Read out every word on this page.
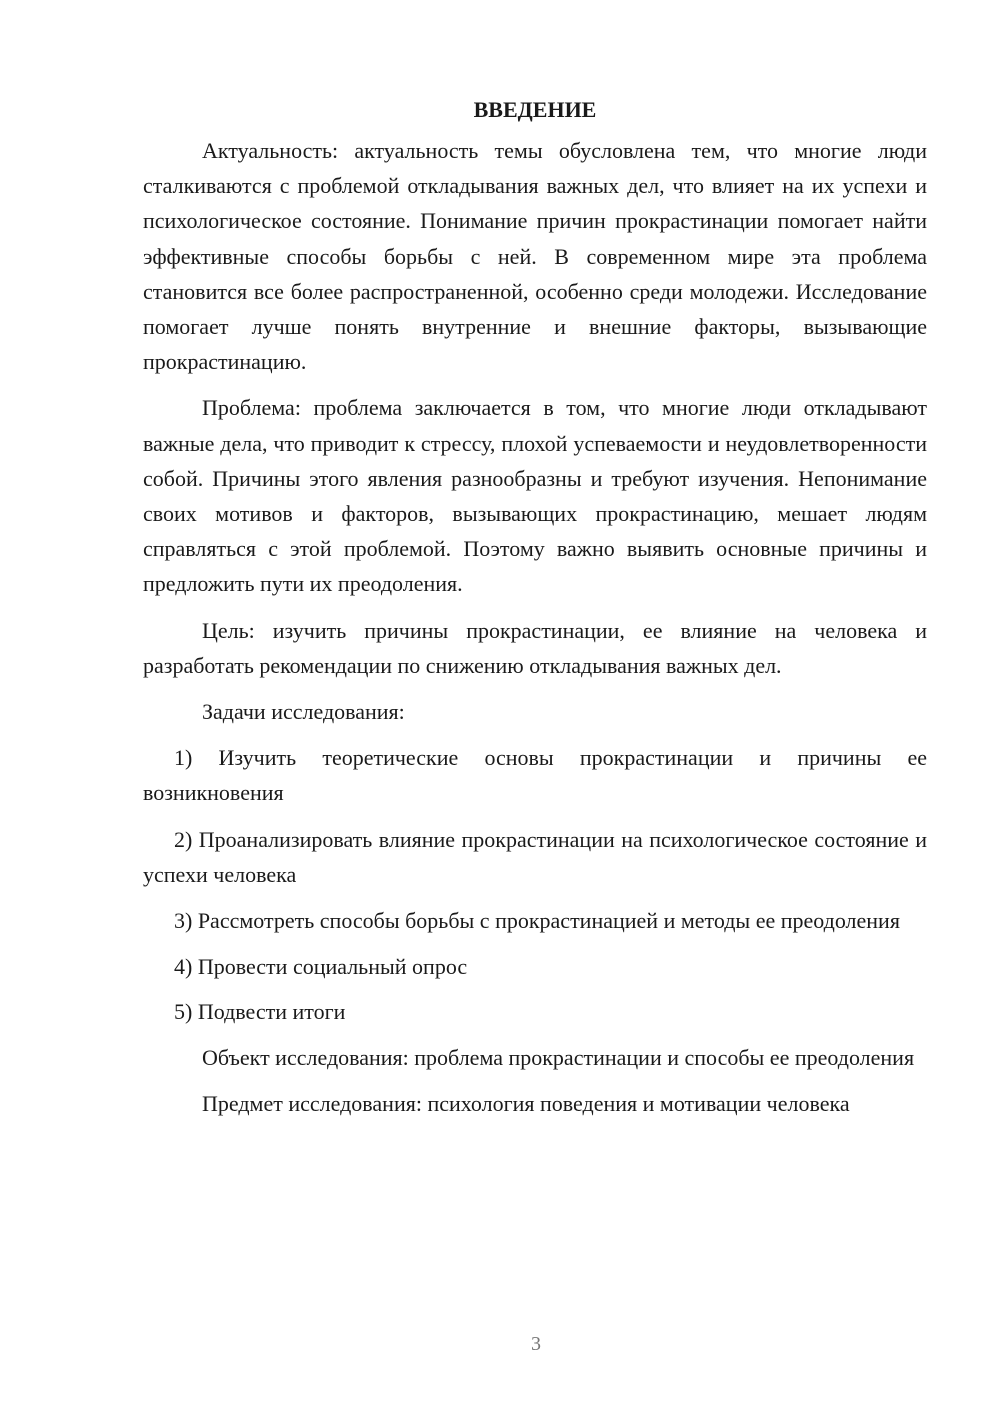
ВВЕДЕНИЕ

Актуальность: актуальность темы обусловлена тем, что многие люди сталкиваются с проблемой откладывания важных дел, что влияет на их успехи и психологическое состояние. Понимание причин прокрастинации помогает найти эффективные способы борьбы с ней. В современном мире эта проблема становится все более распространенной, особенно среди молодежи. Исследование помогает лучше понять внутренние и внешние факторы, вызывающие прокрастинацию.

Проблема: проблема заключается в том, что многие люди откладывают важные дела, что приводит к стрессу, плохой успеваемости и неудовлетворенности собой. Причины этого явления разнообразны и требуют изучения. Непонимание своих мотивов и факторов, вызывающих прокрастинацию, мешает людям справляться с этой проблемой. Поэтому важно выявить основные причины и предложить пути их преодоления.

Цель: изучить причины прокрастинации, ее влияние на человека и разработать рекомендации по снижению откладывания важных дел.

Задачи исследования:

1) Изучить теоретические основы прокрастинации и причины ее возникновения

2) Проанализировать влияние прокрастинации на психологическое состояние и успехи человека

3) Рассмотреть способы борьбы с прокрастинацией и методы ее преодоления

4) Провести социальный опрос

5) Подвести итоги

Объект исследования: проблема прокрастинации и способы ее преодоления

Предмет исследования: психология поведения и мотивации человека

3
